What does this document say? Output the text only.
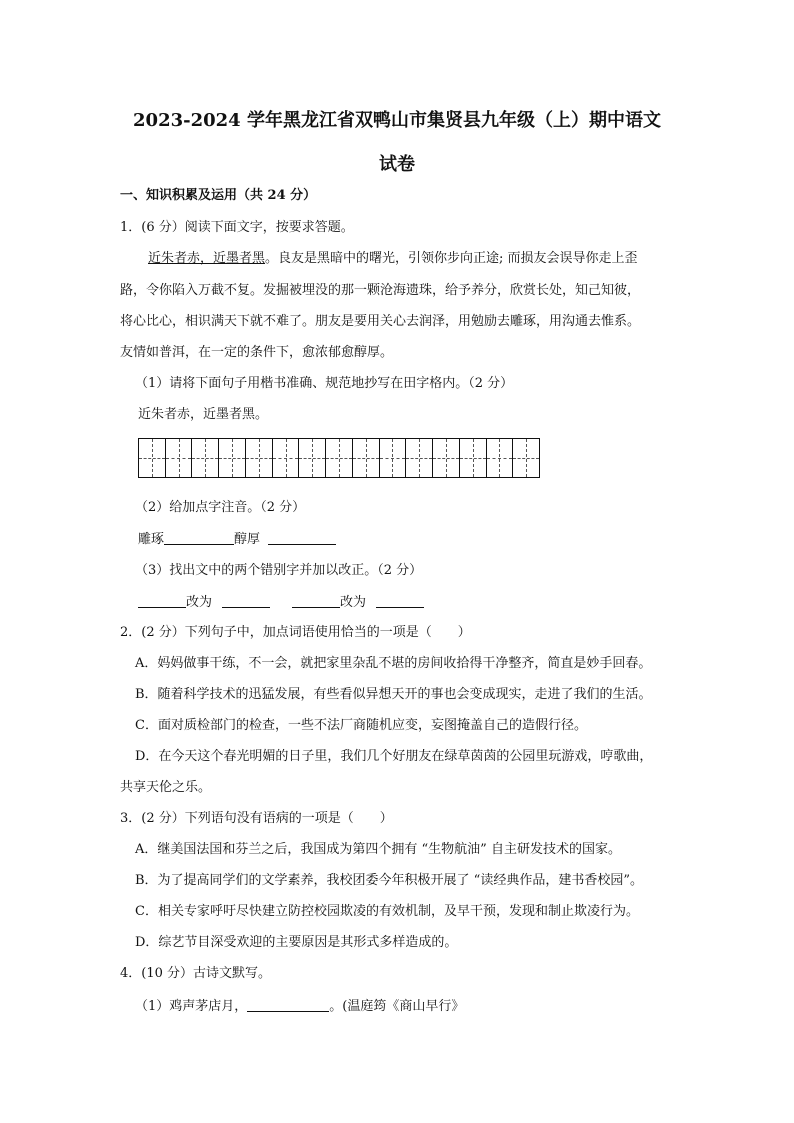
2023-2024 学年黑龙江省双鸭山市集贤县九年级（上）期中语文
试卷
一、知识积累及运用（共 24 分）
1．(6 分）阅读下面文字，按要求答题。
近朱者赤，近墨者黑。良友是黑暗中的曙光，引领你步向正途; 而损友会误导你走上歪
路，令你陷入万截不复。发掘被埋没的那一颗沧海遗珠，给予养分，欣赏长处，知己知彼，
将心比心，相识满天下就不难了。朋友是要用关心去润泽，用勉励去雕琢，用沟通去惟系。
友情如普洱，在一定的条件下，愈浓郁愈醇厚。
（1）请将下面句子用楷书准确、规范地抄写在田字格内。（2 分）
近朱者赤，近墨者黑。
（2）给加点字注音。（2 分）
雕琢	醇厚
（3）找出文中的两个错别字并加以改正。（2 分）
改为	改为
2．(2 分）下列句子中，加点词语使用恰当的一项是（　　）
A．妈妈做事干练，不一会，就把家里杂乱不堪的房间收拾得干净整齐，简直是妙手回春。
B．随着科学技术的迅猛发展，有些看似异想天开的事也会变成现实，走进了我们的生活。
C．面对质检部门的检查，一些不法厂商随机应变，妄图掩盖自己的造假行径。
D．在今天这个春光明媚的日子里，我们几个好朋友在绿草茵茵的公园里玩游戏，哼歌曲，
共享天伦之乐。
3．(2 分）下列语句没有语病的一项是（　　）
A．继美国法国和芬兰之后，我国成为第四个拥有 “生物航油” 自主研发技术的国家。
B．为了提高同学们的文学素养，我校团委今年积极开展了 “读经典作品，建书香校园”。
C．相关专家呼吁尽快建立防控校园欺凌的有效机制，及早干预，发现和制止欺凌行为。
D．综艺节目深受欢迎的主要原因是其形式多样造成的。
4．(10 分）古诗文默写。
（1）鸡声茅店月，	。(温庭筠《商山早行》
